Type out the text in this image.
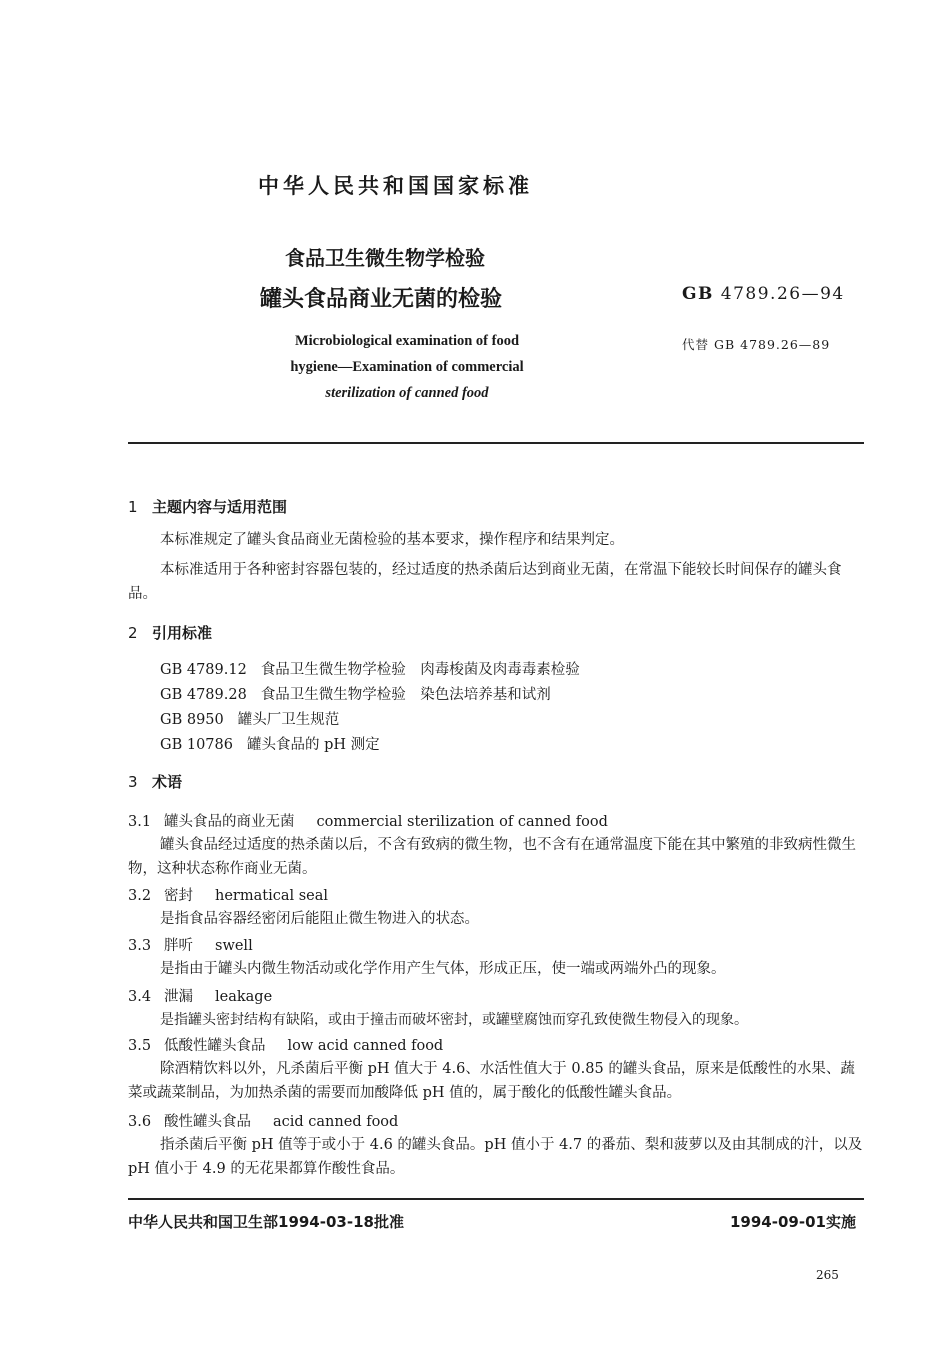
中华人民共和国国家标准
食品卫生微生物学检验
罐头食品商业无菌的检验	GB 4789.26—94
代替 GB 4789.26—89
Microbiological examination of food
hygiene—Examination of commercial
sterilization of canned food
1 主题内容与适用范围
本标准规定了罐头食品商业无菌检验的基本要求，操作程序和结果判定。
本标准适用于各种密封容器包装的，经过适度的热杀菌后达到商业无菌，在常温下能较长时间保存的罐头食品。
2 引用标准
GB 4789.12 食品卫生微生物学检验　肉毒梭菌及肉毒毒素检验
GB 4789.28 食品卫生微生物学检验　染色法培养基和试剂
GB 8950 罐头厂卫生规范
GB 10786 罐头食品的 pH 测定
3 术语
3.1 罐头食品的商业无菌 commercial sterilization of canned food
罐头食品经过适度的热杀菌以后，不含有致病的微生物，也不含有在通常温度下能在其中繁殖的非致病性微生物，这种状态称作商业无菌。
3.2 密封 hermatical seal
是指食品容器经密闭后能阻止微生物进入的状态。
3.3 胖听 swell
是指由于罐头内微生物活动或化学作用产生气体，形成正压，使一端或两端外凸的现象。
3.4 泄漏 leakage
是指罐头密封结构有缺陷，或由于撞击而破坏密封，或罐壁腐蚀而穿孔致使微生物侵入的现象。
3.5 低酸性罐头食品 low acid canned food
除酒精饮料以外，凡杀菌后平衡 pH 值大于 4.6、水活性值大于 0.85 的罐头食品，原来是低酸性的水果、蔬菜或蔬菜制品，为加热杀菌的需要而加酸降低 pH 值的，属于酸化的低酸性罐头食品。
3.6 酸性罐头食品 acid canned food
指杀菌后平衡 pH 值等于或小于 4.6 的罐头食品。pH 值小于 4.7 的番茄、梨和菠萝以及由其制成的汁，以及 pH 值小于 4.9 的无花果都算作酸性食品。
中华人民共和国卫生部1994-03-18批准	1994-09-01实施
265
